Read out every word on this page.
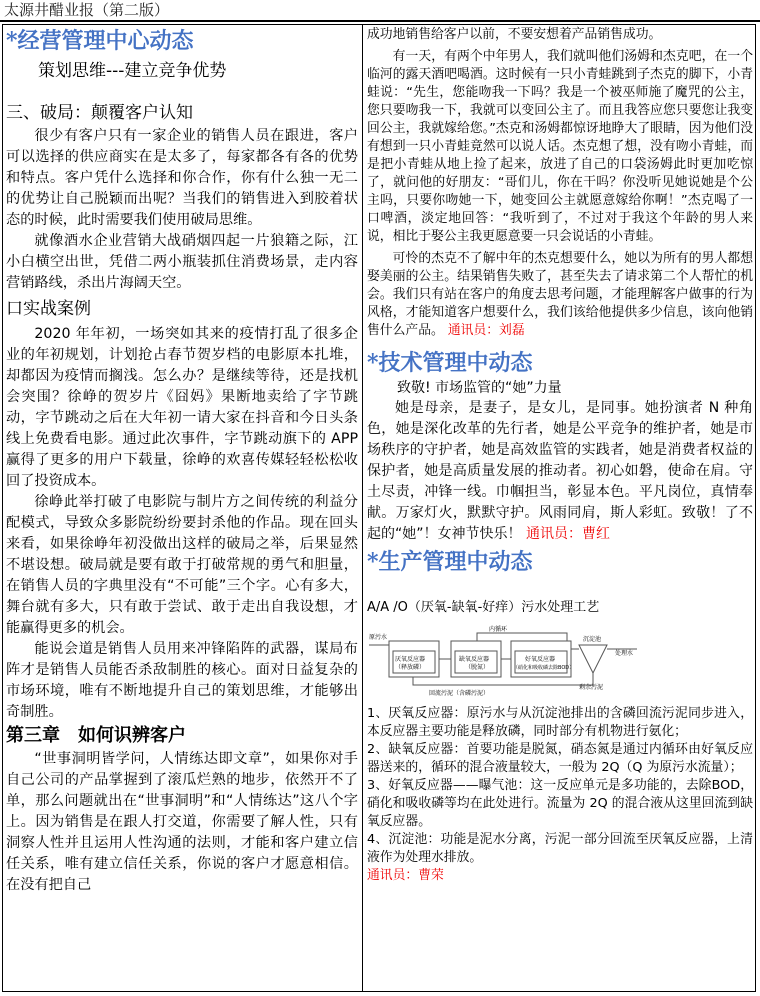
太源井醋业报（第二版）
*经营管理中心动态
策划思维---建立竞争优势
三、破局：颠覆客户认知

很少有客户只有一家企业的销售人员在跟进，客户可以选择的供应商实在是太多了，每家都各有各的优势和特点。客户凭什么选择和你合作，你有什么独一无二的优势让自己脱颖而出呢？当我们的销售进入到胶着状态的时候，此时需要我们使用破局思维。

就像酒水企业营销大战硝烟四起一片狼籍之际，江小白横空出世，凭借二两小瓶装抓住消费场景，走内容营销路线，杀出片海阔天空。

口实战案例

2020 年年初，一场突如其来的疫情打乱了很多企业的年初规划，计划抢占春节贺岁档的电影原本扎堆，却都因为疫情而搁浅。怎么办？是继续等待，还是找机会突围？徐峥的贺岁片《囧妈》果断地卖给了字节跳动，字节跳动之后在大年初一请大家在抖音和今日头条线上免费看电影。通过此次事件，字节跳动旗下的 APP 赢得了更多的用户下载量，徐峥的欢喜传媒轻轻松松收回了投资成本。

徐峥此举打破了电影院与制片方之间传统的利益分配模式，导致众多影院纷纷要封杀他的作品。现在回头来看，如果徐峥年初没做出这样的破局之举，后果显然不堪设想。破局就是要有敢于打破常规的勇气和胆量，在销售人员的字典里没有“不可能”三个字。心有多大，舞台就有多大，只有敢于尝试、敢于走出自我设想，才能赢得更多的机会。

能说会道是销售人员用来冲锋陷阵的武器，谋局布阵才是销售人员能否杀敌制胜的核心。面对日益复杂的市场环境，唯有不断地提升自己的策划思维，才能够出奇制胜。

第三章　如何识辨客户

“世事洞明皆学问，人情练达即文章”，如果你对手自己公司的产品掌握到了滚瓜烂熟的地步，依然开不了单，那么问题就出在“世事洞明”和“人情练达”这八个字上。因为销售是在跟人打交道，你需要了解人性，只有洞察人性并且运用人性沟通的法则，才能和客户建立信任关系，唯有建立信任关系，你说的客户才愿意相信。在没有把自己

成功地销售给客户以前，不要安想着产品销售成功。

有一天，有两个中年男人，我们就叫他们汤姆和杰克吧，在一个临河的露天酒吧喝酒。这时候有一只小青蛙跳到子杰克的脚下，小青蛙说：“先生，您能吻我一下吗？我是一个被巫师施了魔咒的公主，您只要吻我一下，我就可以变回公主了。而且我答应您只要您让我变回公主，我就嫁给您。”杰克和汤姆都惊讶地睁大了眼睛，因为他们没有想到一只小青蛙竟然可以说人话。杰克想了想，没有吻小青蛙，而是把小青蛙从地上捡了起来，放进了自己的口袋汤姆此时更加吃惊了，就问他的好朋友：“哥们儿，你在干吗？你没听见她说她是个公主吗，只要你吻她一下，她变回公主就愿意嫁给你啊！”杰克喝了一口啤酒，淡定地回答：“我听到了，不过对于我这个年龄的男人来说，相比于娶公主我更愿意要一只会说话的小青蛙。

可怜的杰克不了解中年的杰克想要什么，她以为所有的男人都想娶美丽的公主。结果销售失败了，甚至失去了请求第二个人帮忙的机会。我们只有站在客户的角度去思考问题，才能理解客户做事的行为风格，才能知道客户想要什么，我们该给他提供多少信息，该向他销售什么产品。 通讯员：刘磊

*技术管理中动态
致敬! 市场监管的“她”力量

她是母亲，是妻子，是女儿，是同事。她扮演者 N 种角色，她是深化改革的先行者，她是公平竞争的维护者，她是市场秩序的守护者，她是高效监管的实践者，她是消费者权益的保护者，她是高质量发展的推动者。初心如磐，使命在肩。守土尽责，冲锋一线。巾帼担当，彰显本色。平凡岗位，真情奉献。万家灯火，默默守护。风雨同肩，斯人彩虹。致敬！了不起的“她”！女神节快乐！ 通讯员：曹红

*生产管理中动态
A/A /O（厌氧-缺氧-好痒）污水处理工艺
原污水
内循环
沉淀池
处理水
回流污泥（含磷污泥）
剩余污泥
厌氧反应器
（释放磷）
缺氧反应器
（脱氮）
好氧反应器
（硝化和吸收磷去除BOD）

1、厌氧反应器：原污水与从沉淀池排出的含磷回流污泥同步进入，本反应器主要功能是释放磷，同时部分有机物进行氨化；

2、缺氧反应器：首要功能是脱氮，硝态氮是通过内循环由好氧反应器送来的，循环的混合液量较大，一般为 2Q（Q 为原污水流量）；

3、好氧反应器——曝气池：这一反应单元是多功能的，去除BOD，硝化和吸收磷等均在此处进行。流量为 2Q 的混合液从这里回流到缺氧反应器。

4、沉淀池：功能是泥水分离，污泥一部分回流至厌氧反应器，上清液作为处理水排放。

通讯员：曹荣
